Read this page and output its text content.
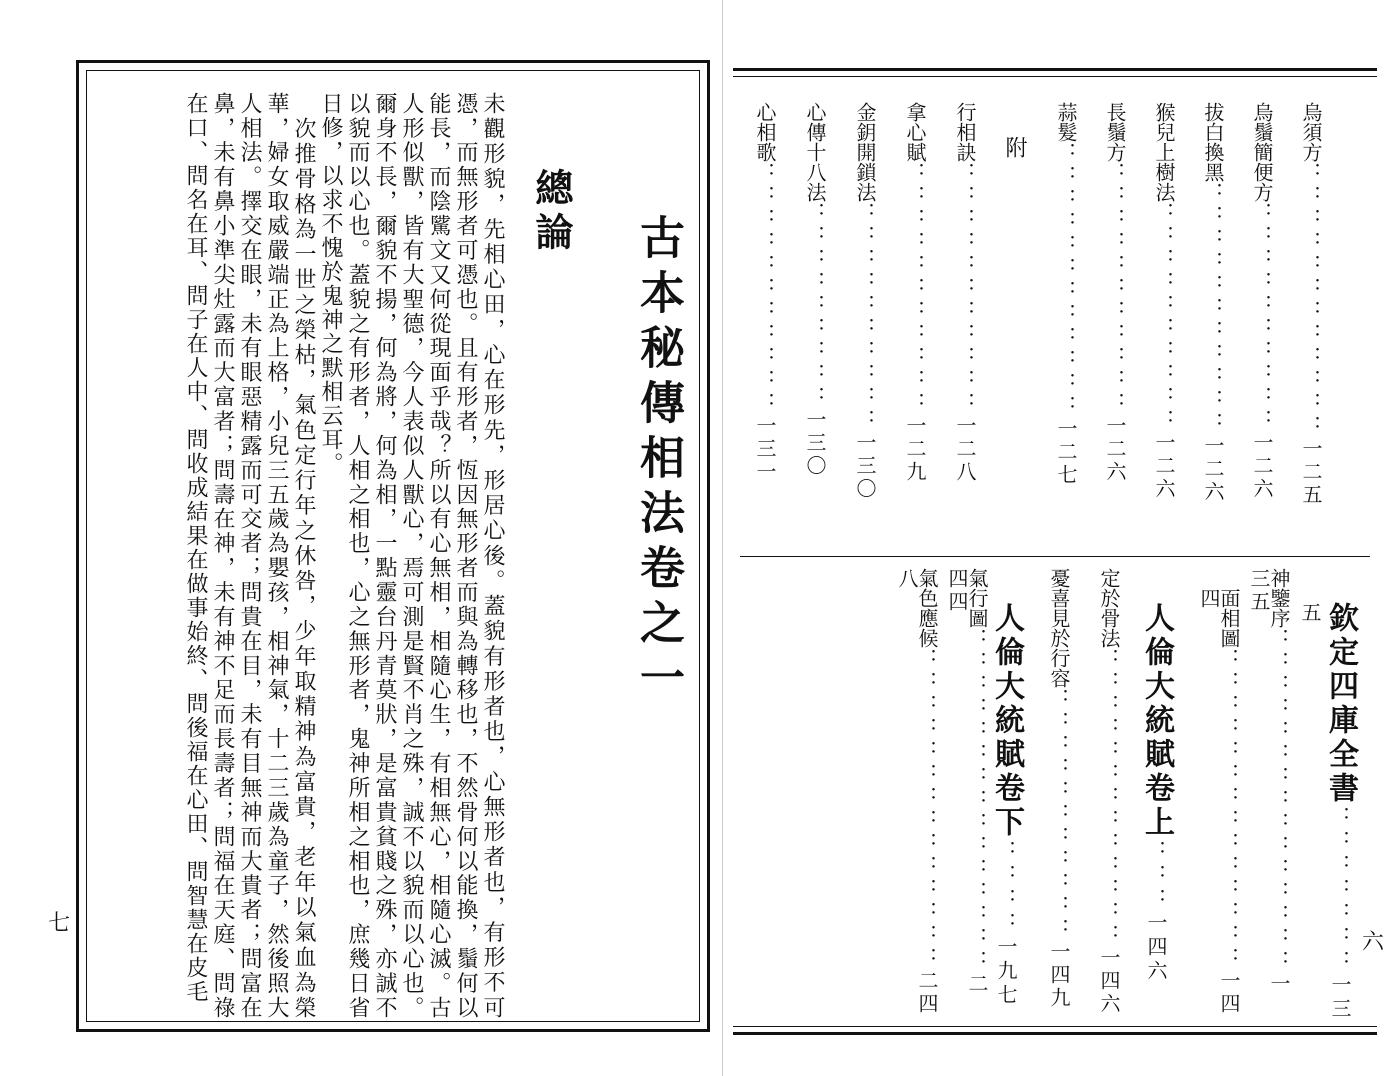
古本秘傳相法卷之一
總論
未觀形貌，先相心田，心在形先，形居心後。蓋貌有形者也，心無形者也，有形不可憑，而無形者可憑也。且有形者，恆因無形者而與為轉移也，不然骨何以能換，鬚何以能長，而陰騭文又何從現面乎哉？所以有心無相，相隨心生，有相無心，相隨心滅。古人形似獸，皆有大聖德，今人表似人獸心，焉可測是賢不肖之殊，誠不以貌而以心也。爾身不長，爾貌不揚，何為將，何為相，一點靈台丹青莫狀，是富貴貧賤之殊，亦誠不以貌而以心也。蓋貌之有形者，人相之相也，心之無形者，鬼神所相之相也，庶幾日省日修，以求不愧於鬼神之默相云耳。
　次推骨格為一世之榮枯，氣色定行年之休咎，少年取精神為富貴，老年以氣血為榮華，婦女取威嚴端正為上格，小兒三五歲為嬰孩，相神氣，十二三歲為童子，然後照大人相法。擇交在眼，未有眼惡精露而可交者；問貴在目，未有目無神而大貴者；問富在鼻，未有鼻小準尖灶露而大富者；問壽在神，未有神不足而長壽者；問福在天庭、問祿在口、問名在耳、問子在人中、問收成結果在做事始終、問後福在心田、問智慧在皮毛
七
烏須方：：：：：：：：：：：：一二五
烏鬚簡便方：：：：：：：：：：一二六
拔白換黑：：：：：：：：：：：一二六
猴兒上樹法：：：：：：：：：：一二六
長鬚方：：：：：：：：：：：一二六
蒜髮：：：：：：：：：：：：一二七
附
行相訣：：：：：：：：：：：一二八
拿心賦：：：：：：：：：：：一二九
金鈅開鎖法：：：：：：：：：：一三〇
心傳十八法：：：：：：：：：一三〇
心相歌：：：：：：：：：：：一三一
欽定四庫全書：：：：：：：一三五
神鑒序：：：：：：：：：：：：：：：一三五
面相圖：：：：：：：：：：：：：：一四四
人倫大統賦卷上：：：一四六
定於骨法：：：：：：：：：：：：：一四六
憂喜見於行容：：：：：：：：：：：一四九
人倫大統賦卷下：：：：一九七
氣行圖：：：：：：：：：：：：：：：二四四
氣色應候：：：：：：：：：：：：：：二四八
六
